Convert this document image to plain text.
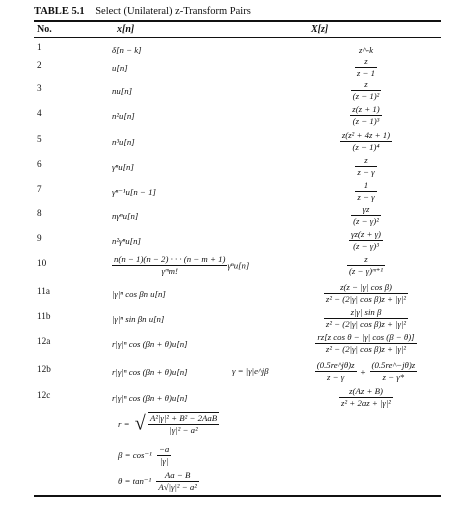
TABLE 5.1 Select (Unilateral) z-Transform Pairs
No.	x[n]	X[z]
1	δ[n − k]	z^-k
2	u[n]	$\frac{z}{z - 1}$
3	nu[n]	$\frac{z}{\text{(z − 1)²}}$
4	n²u[n]	$\frac{z(z + 1)}{\text{(z − 1)³}}$
5	n³u[n]	$\frac{\text{z(z² + 4z + 1)}}{\text{(z − 1)⁴}}$
6	γⁿu[n]	$\frac{z}{z - \gamma}$
7	γⁿ⁻¹u[n − 1]	$\frac{1}{z - \gamma}$
8	nγⁿu[n]	$\frac{\gamma z}{\text{(z − γ)²}}$
9	n²γⁿu[n]	$\frac{\gamma z(z + \gamma)}{\text{(z − γ)³}}$
10	$\frac{n(n - 1)(n - 2) \cdot \cdot \cdot (n - m + 1)}{\text{γᵐm!}} \gamma^nu[n]$	$\frac{z}{\text{(z − γ)ᵐ⁺¹}}$
11a	|γ|ⁿ cos βn u[n]	$\frac{\text{z(z − |γ| cos β)}}{\text{z² − (2|γ| cos β)z + |γ|²}}$
11b	|γ|ⁿ sin βn u[n]	$\frac{\text{z|γ| sin β}}{\text{z² − (2|γ| cos β)z + |γ|²}}$
12a	r|γ|ⁿ cos (βn + θ)u[n]	$\frac{\text{rz[z cos θ − |γ| cos (β − θ)]}}{\text{z² − (2|γ| cos β)z + |γ|²}}$
12b	r|γ|ⁿ cos (βn + θ)u[n]	γ = |γ|e^jβ	$\frac{(0.5re\^{}j\theta)z}{z - \gamma} + \frac{(0.5re\^{}-j\theta)z}{z - \gamma*}$
12c	r|γ|ⁿ cos (βn + θ)u[n]	$\frac{z(Az + B)}{\text{z² + 2az + |γ|²}}$
r = √ $\frac{\text{A²|γ|² + B² − 2AaB}}{\text{|γ|² − a²}}$
$\beta = \cos^{-1} \frac{-a}{|\gamma|}$
$\theta = \tan^{-1} \frac{Aa - B}{\text{A√|γ|² − a²}}$
